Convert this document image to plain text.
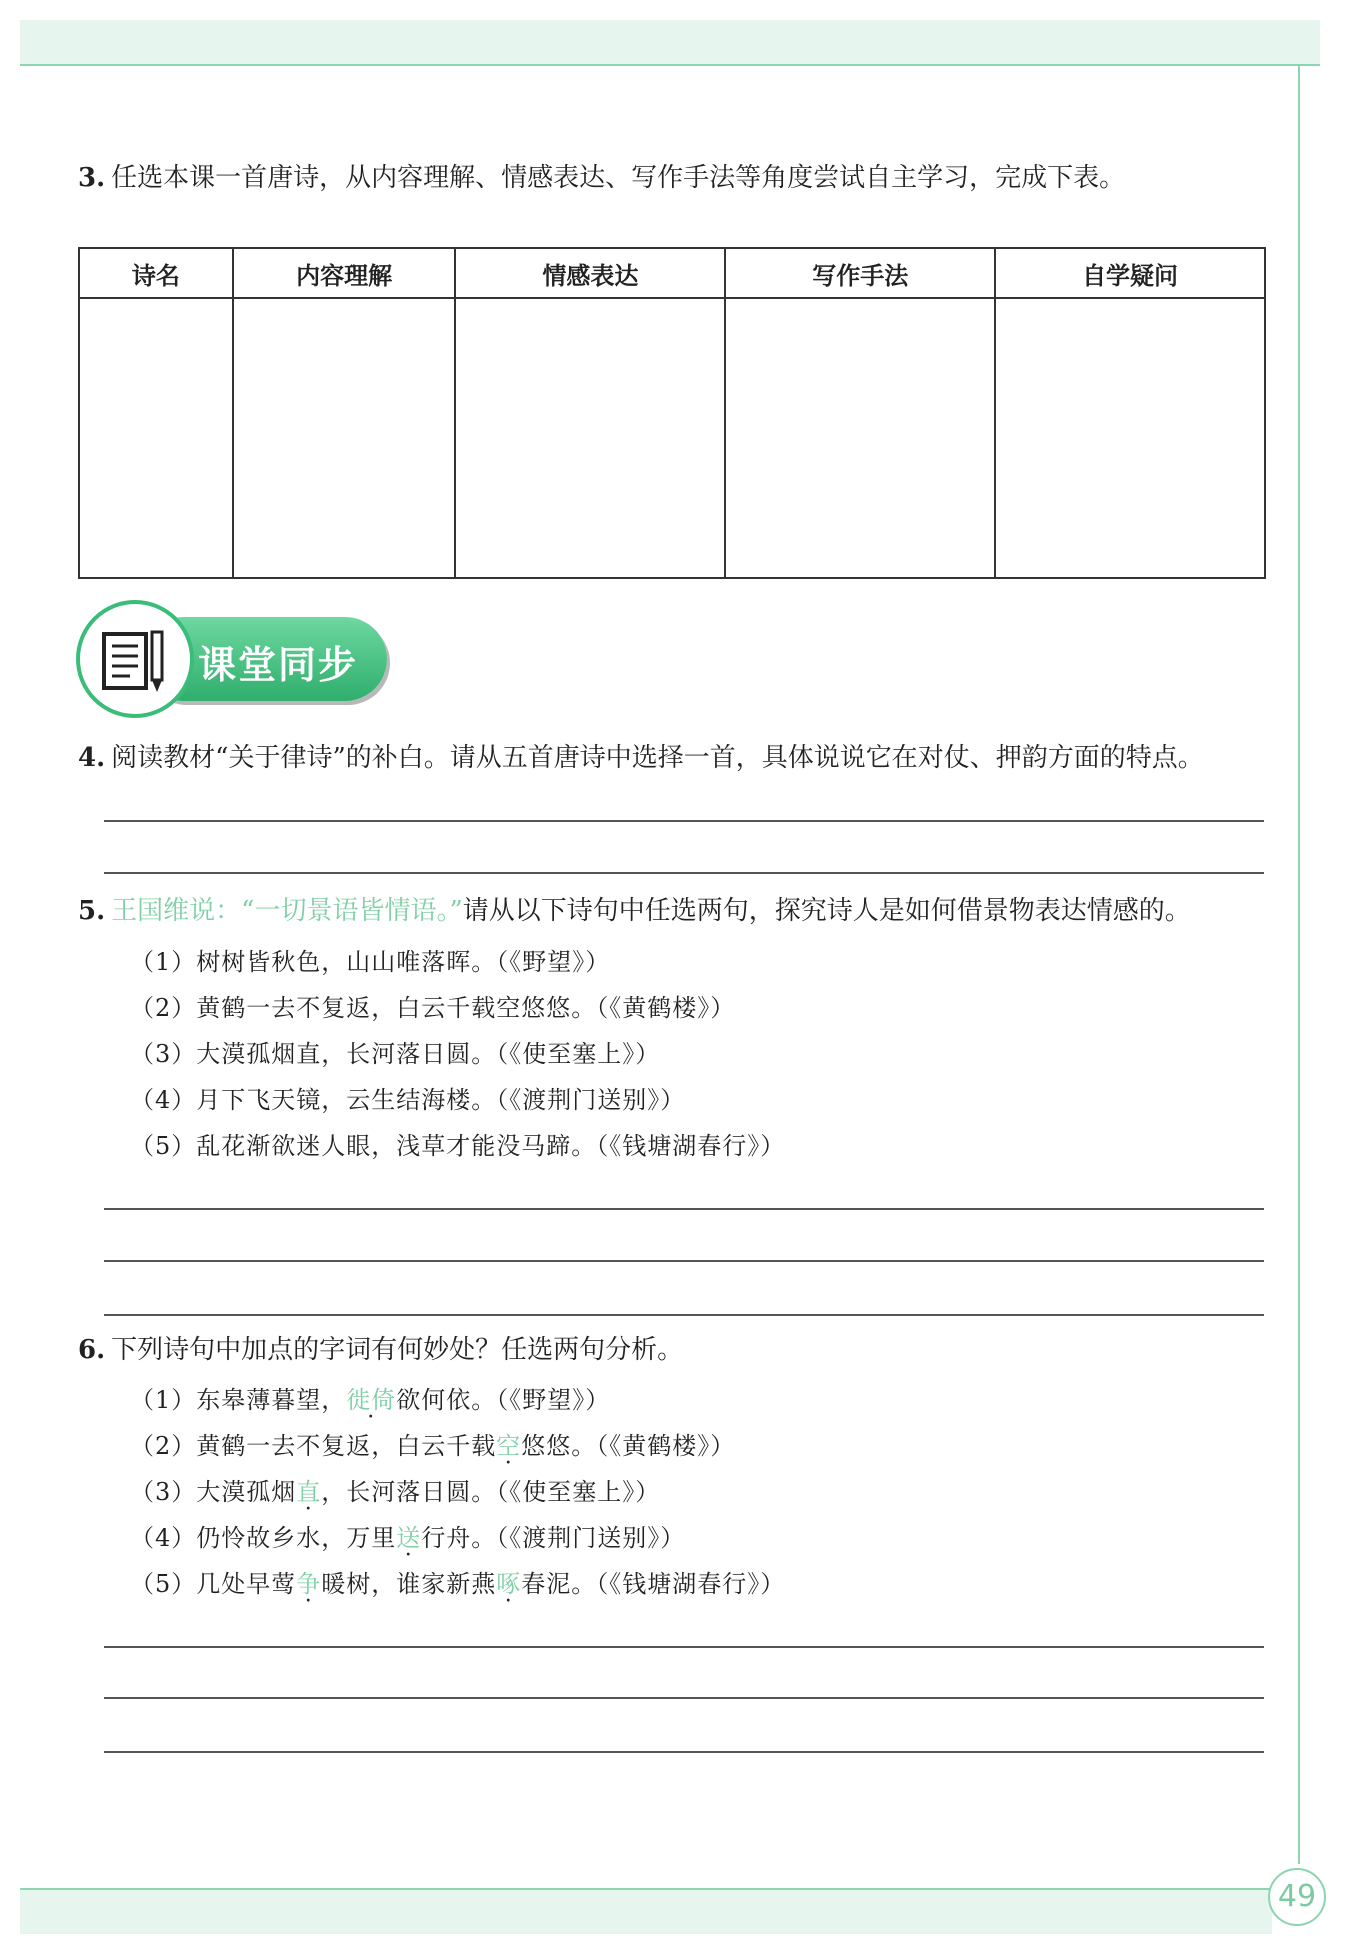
49
3. 任选本课一首唐诗，从内容理解、情感表达、写作手法等角度尝试自主学习，完成下表。
诗名	内容理解	情感表达	写作手法	自学疑问

课堂同步
4. 阅读教材“关于律诗”的补白。请从五首唐诗中选择一首，具体说说它在对仗、押韵方面的特点。
5. 王国维说：“一切景语皆情语。”请从以下诗句中任选两句，探究诗人是如何借景物表达情感的。
（1）树树皆秋色，山山唯落晖。（《野望》）
（2）黄鹤一去不复返，白云千载空悠悠。（《黄鹤楼》）
（3）大漠孤烟直，长河落日圆。（《使至塞上》）
（4）月下飞天镜，云生结海楼。（《渡荆门送别》）
（5）乱花渐欲迷人眼，浅草才能没马蹄。（《钱塘湖春行》）
6. 下列诗句中加点的字词有何妙处？任选两句分析。
（1）东皋薄暮望，徙倚欲何依。（《野望》）
（2）黄鹤一去不复返，白云千载空悠悠。（《黄鹤楼》）
（3）大漠孤烟直，长河落日圆。（《使至塞上》）
（4）仍怜故乡水，万里送行舟。（《渡荆门送别》）
（5）几处早莺争暖树，谁家新燕啄春泥。（《钱塘湖春行》）
